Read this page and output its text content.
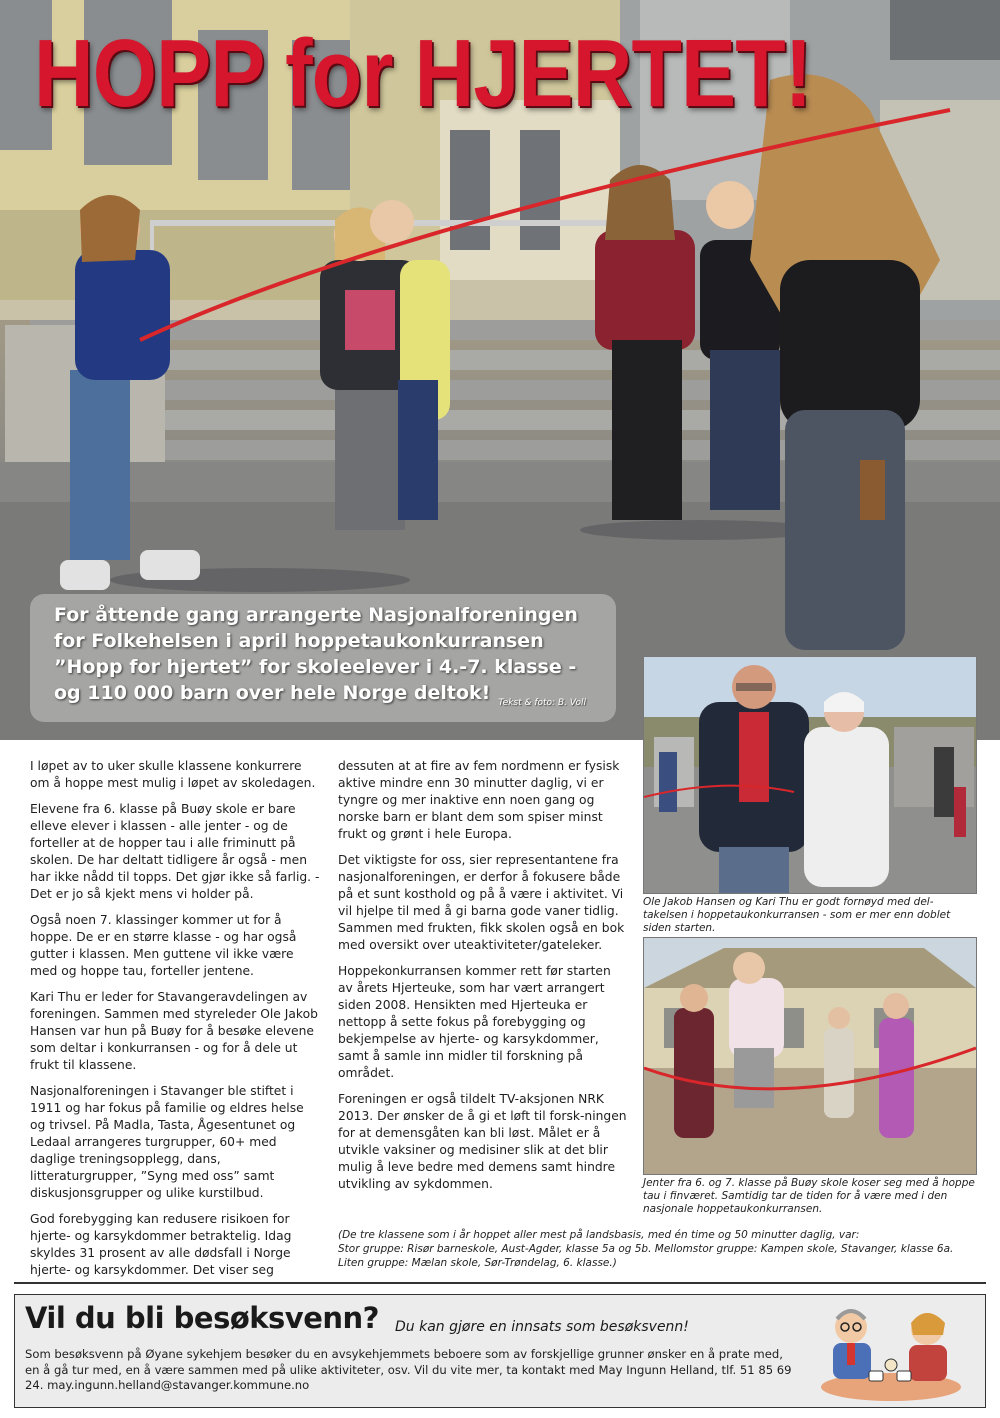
HOPP for HJERTET!

For åttende gang arrangerte Nasjonalforeningen for Folkehelsen i april hoppetaukonkurransen ”Hopp for hjertet” for skoleelever i 4.-7. klasse - og 110 000 barn over hele Norge deltok! Tekst & foto: B. Voll

I løpet av to uker skulle klassene konkurrere om å hoppe mest mulig i løpet av skoledagen.

Elevene fra 6. klasse på Buøy skole er bare elleve elever i klassen - alle jenter - og de forteller at de hopper tau i alle friminutt på skolen. De har deltatt tidligere år også - men har ikke nådd til topps. Det gjør ikke så farlig. - Det er jo så kjekt mens vi holder på.

Også noen 7. klassinger kommer ut for å hoppe. De er en større klasse - og har også gutter i klassen. Men guttene vil ikke være med og hoppe tau, forteller jentene.

Kari Thu er leder for Stavangeravdelingen av foreningen. Sammen med styreleder Ole Jakob Hansen var hun på Buøy for å besøke elevene som deltar i konkurransen - og for å dele ut frukt til klassene.

Nasjonalforeningen i Stavanger ble stiftet i 1911 og har fokus på familie og eldres helse og trivsel. På Madla, Tasta, Ågesentunet og Ledaal arrangeres turgrupper, 60+ med daglige treningsopplegg, dans, litteraturgrupper, ”Syng med oss” samt diskusjonsgrupper og ulike kurstilbud.

God forebygging kan redusere risikoen for hjerte- og karsykdommer betraktelig. Idag skyldes 31 prosent av alle dødsfall i Norge hjerte- og karsykdommer. Det viser seg

dessuten at at fire av fem nordmenn er fysisk aktive mindre enn 30 minutter daglig, vi er tyngre og mer inaktive enn noen gang og norske barn er blant dem som spiser minst frukt og grønt i hele Europa.

Det viktigste for oss, sier representantene fra nasjonalforeningen, er derfor å fokusere både på et sunt kosthold og på å være i aktivitet. Vi vil hjelpe til med å gi barna gode vaner tidlig. Sammen med frukten, fikk skolen også en bok med oversikt over uteaktiviteter/gateleker.

Hoppekonkurransen kommer rett før starten av årets Hjerteuke, som har vært arrangert siden 2008. Hensikten med Hjerteuka er nettopp å sette fokus på forebygging og bekjempelse av hjerte- og karsykdommer, samt å samle inn midler til forskning på området.

Foreningen er også tildelt TV-aksjonen NRK 2013. Der ønsker de å gi et løft til forsk-ningen for at demensgåten kan bli løst. Målet er å utvikle vaksiner og medisiner slik at det blir mulig å leve bedre med demens samt hindre utvikling av sykdommen.

Ole Jakob Hansen og Kari Thu er godt fornøyd med del-takelsen i hoppetaukonkurransen - som er mer enn doblet siden starten.

Jenter fra 6. og 7. klasse på Buøy skole koser seg med å hoppe tau i finværet. Samtidig tar de tiden for å være med i den nasjonale hoppetaukonkurransen.

(De tre klassene som i år hoppet aller mest på landsbasis, med én time og 50 minutter daglig, var:
Stor gruppe: Risør barneskole, Aust-Agder, klasse 5a og 5b. Mellomstor gruppe: Kampen skole, Stavanger, klasse 6a.
Liten gruppe: Mælan skole, Sør-Trøndelag, 6. klasse.)

Vil du bli besøksvenn? Du kan gjøre en innsats som besøksvenn!

Som besøksvenn på Øyane sykehjem besøker du en avsykehjemmets beboere som av forskjellige grunner ønsker en å prate med, en å gå tur med, en å være sammen med på ulike aktiviteter, osv. Vil du vite mer, ta kontakt med May Ingunn Helland, tlf. 51 85 69 24. may.ingunn.helland@stavanger.kommune.no
